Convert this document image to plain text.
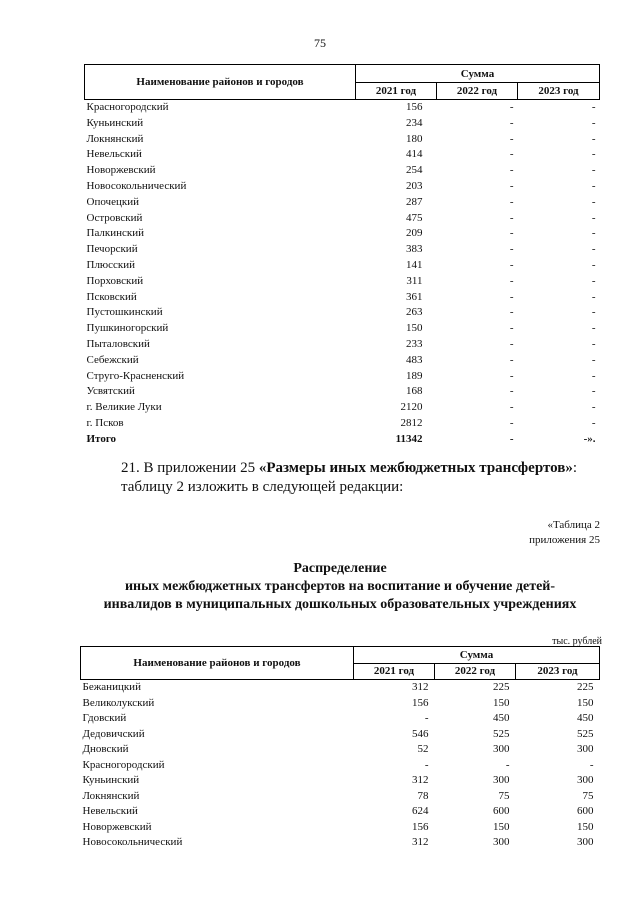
75
Наименование районов и городов	Сумма		
	2021 год	2022 год	2023 год
Красногородский	156	-	-
Куньинский	234	-	-
Локнянский	180	-	-
Невельский	414	-	-
Новоржевский	254	-	-
Новосокольнический	203	-	-
Опочецкий	287	-	-
Островский	475	-	-
Палкинский	209	-	-
Печорский	383	-	-
Плюсский	141	-	-
Порховский	311	-	-
Псковский	361	-	-
Пустошкинский	263	-	-
Пушкиногорский	150	-	-
Пыталовский	233	-	-
Себежский	483	-	-
Струго-Красненский	189	-	-
Усвятский	168	-	-
г. Великие Луки	2120	-	-
г. Псков	2812	-	-
Итого	11342	-	-».
21. В приложении 25 «Размеры иных межбюджетных трансфертов»: таблицу 2 изложить в следующей редакции:
«Таблица 2
приложения 25
Распределение
иных межбюджетных трансфертов на воспитание и обучение детей-
инвалидов в муниципальных дошкольных образовательных учреждениях
тыс. рублей
Наименование районов и городов	Сумма		
	2021 год	2022 год	2023 год
Бежаницкий	312	225	225
Великолукский	156	150	150
Гдовский	-	450	450
Дедовичский	546	525	525
Дновский	52	300	300
Красногородский	-	-	-
Куньинский	312	300	300
Локнянский	78	75	75
Невельский	624	600	600
Новоржевский	156	150	150
Новосокольнический	312	300	300
